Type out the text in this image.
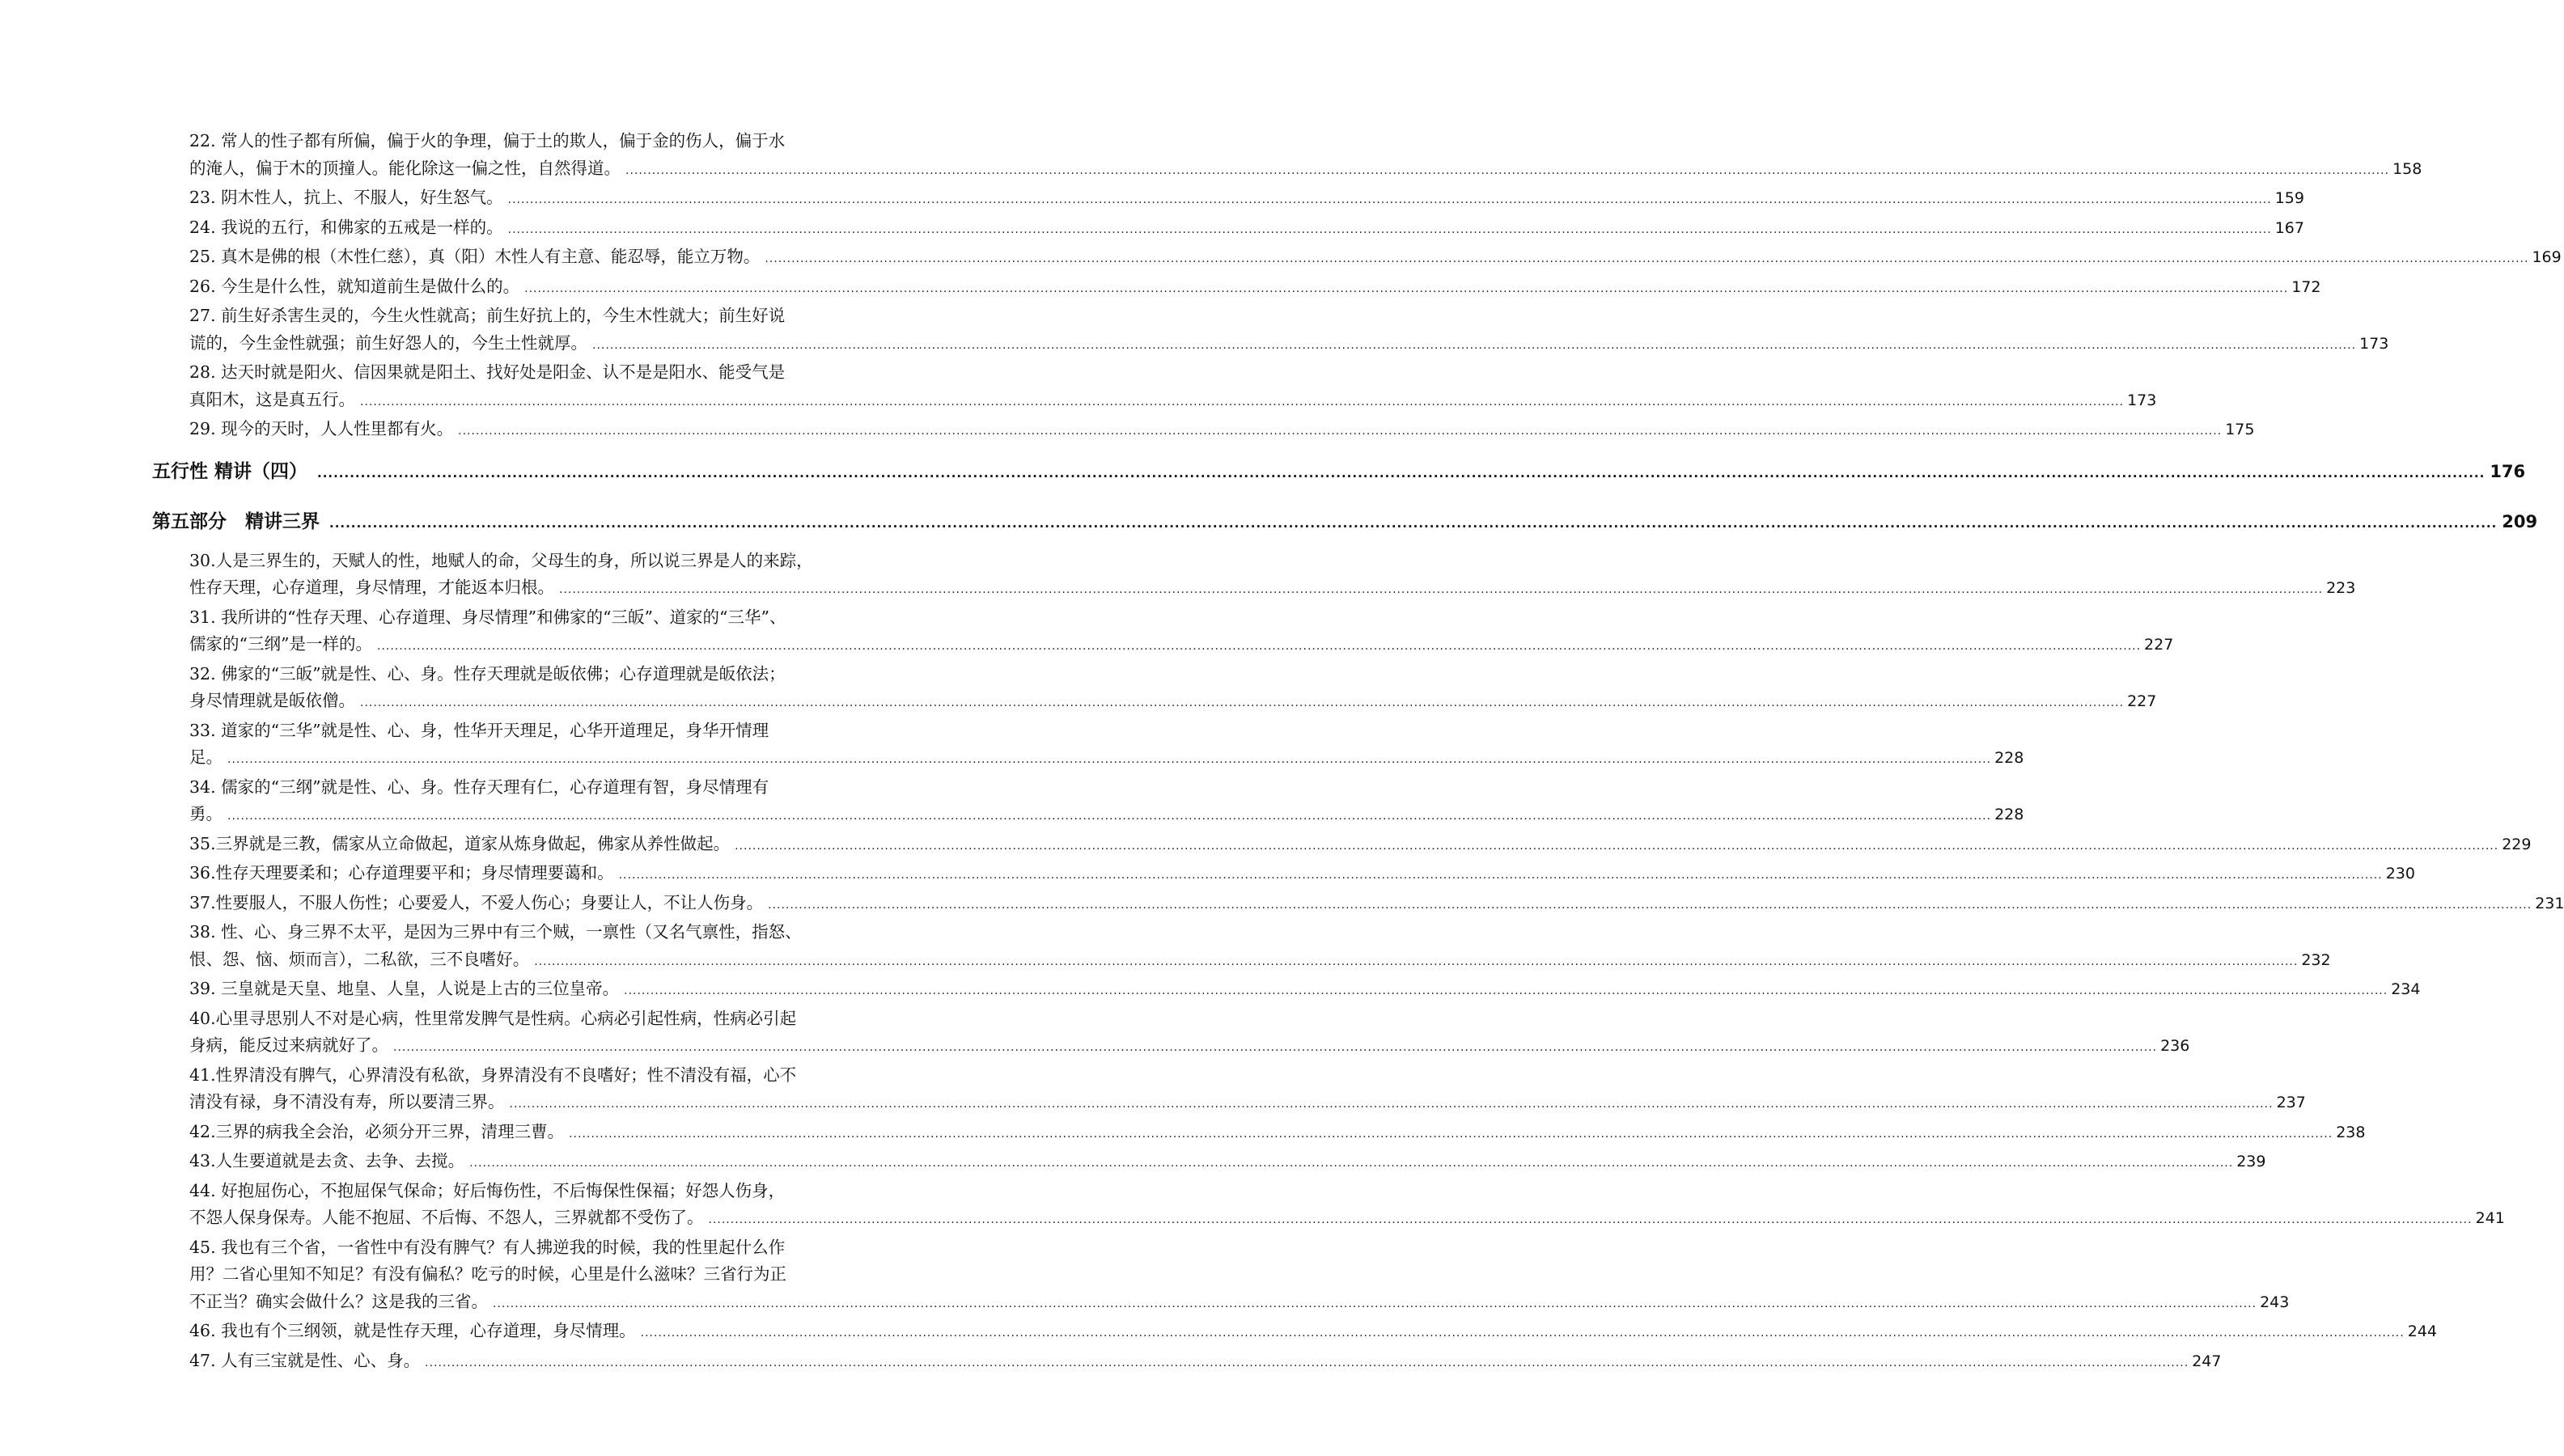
22. 常人的性子都有所偏，偏于火的争理，偏于土的欺人，偏于金的伤人，偏于水
的淹人，偏于木的顶撞人。能化除这一偏之性，自然得道。 ................................................................................................................................................................................................................................................................................................................................................................................................................ 158
23. 阴木性人，抗上、不服人，好生怒气。 ................................................................................................................................................................................................................................................................................................................................................................................................................ 159
24. 我说的五行，和佛家的五戒是一样的。 ................................................................................................................................................................................................................................................................................................................................................................................................................ 167
25. 真木是佛的根（木性仁慈），真（阳）木性人有主意、能忍辱，能立万物。 ................................................................................................................................................................................................................................................................................................................................................................................................................ 169
26. 今生是什么性，就知道前生是做什么的。 ................................................................................................................................................................................................................................................................................................................................................................................................................ 172
27. 前生好杀害生灵的，今生火性就高；前生好抗上的，今生木性就大；前生好说
谎的，今生金性就强；前生好怨人的，今生土性就厚。 ................................................................................................................................................................................................................................................................................................................................................................................................................ 173
28. 达天时就是阳火、信因果就是阳土、找好处是阳金、认不是是阳水、能受气是
真阳木，这是真五行。 ................................................................................................................................................................................................................................................................................................................................................................................................................ 173
29. 现今的天时，人人性里都有火。 ................................................................................................................................................................................................................................................................................................................................................................................................................ 175
五行性 精讲（四） ................................................................................................................................................................................................................................................................................................................................................................................................................ 176
第五部分　精讲三界 ................................................................................................................................................................................................................................................................................................................................................................................................................ 209
30.人是三界生的，天赋人的性，地赋人的命，父母生的身，所以说三界是人的来踪，
性存天理，心存道理，身尽情理，才能返本归根。 ................................................................................................................................................................................................................................................................................................................................................................................................................ 223
31. 我所讲的“性存天理、心存道理、身尽情理”和佛家的“三皈”、道家的“三华”、
儒家的“三纲”是一样的。 ................................................................................................................................................................................................................................................................................................................................................................................................................ 227
32. 佛家的“三皈”就是性、心、身。性存天理就是皈依佛；心存道理就是皈依法；
身尽情理就是皈依僧。 ................................................................................................................................................................................................................................................................................................................................................................................................................ 227
33. 道家的“三华”就是性、心、身，性华开天理足，心华开道理足，身华开情理
足。 ................................................................................................................................................................................................................................................................................................................................................................................................................ 228
34. 儒家的“三纲”就是性、心、身。性存天理有仁，心存道理有智，身尽情理有
勇。 ................................................................................................................................................................................................................................................................................................................................................................................................................ 228
35.三界就是三教，儒家从立命做起，道家从炼身做起，佛家从养性做起。 ................................................................................................................................................................................................................................................................................................................................................................................................................ 229
36.性存天理要柔和；心存道理要平和；身尽情理要蔼和。 ................................................................................................................................................................................................................................................................................................................................................................................................................ 230
37.性要服人，不服人伤性；心要爱人，不爱人伤心；身要让人，不让人伤身。 ................................................................................................................................................................................................................................................................................................................................................................................................................ 231
38. 性、心、身三界不太平，是因为三界中有三个贼，一禀性（又名气禀性，指怒、
恨、怨、恼、烦而言），二私欲，三不良嗜好。 ................................................................................................................................................................................................................................................................................................................................................................................................................ 232
39. 三皇就是天皇、地皇、人皇，人说是上古的三位皇帝。 ................................................................................................................................................................................................................................................................................................................................................................................................................ 234
40.心里寻思别人不对是心病，性里常发脾气是性病。心病必引起性病，性病必引起
身病，能反过来病就好了。 ................................................................................................................................................................................................................................................................................................................................................................................................................ 236
41.性界清没有脾气，心界清没有私欲，身界清没有不良嗜好；性不清没有福，心不
清没有禄，身不清没有寿，所以要清三界。 ................................................................................................................................................................................................................................................................................................................................................................................................................ 237
42.三界的病我全会治，必须分开三界，清理三曹。 ................................................................................................................................................................................................................................................................................................................................................................................................................ 238
43.人生要道就是去贪、去争、去搅。 ................................................................................................................................................................................................................................................................................................................................................................................................................ 239
44. 好抱屈伤心，不抱屈保气保命；好后悔伤性，不后悔保性保福；好怨人伤身，
不怨人保身保寿。人能不抱屈、不后悔、不怨人，三界就都不受伤了。 ................................................................................................................................................................................................................................................................................................................................................................................................................ 241
45. 我也有三个省，一省性中有没有脾气？有人拂逆我的时候，我的性里起什么作
用？二省心里知不知足？有没有偏私？吃亏的时候，心里是什么滋味？三省行为正
不正当？确实会做什么？这是我的三省。 ................................................................................................................................................................................................................................................................................................................................................................................................................ 243
46. 我也有个三纲领，就是性存天理，心存道理，身尽情理。 ................................................................................................................................................................................................................................................................................................................................................................................................................ 244
47. 人有三宝就是性、心、身。 ................................................................................................................................................................................................................................................................................................................................................................................................................ 247
